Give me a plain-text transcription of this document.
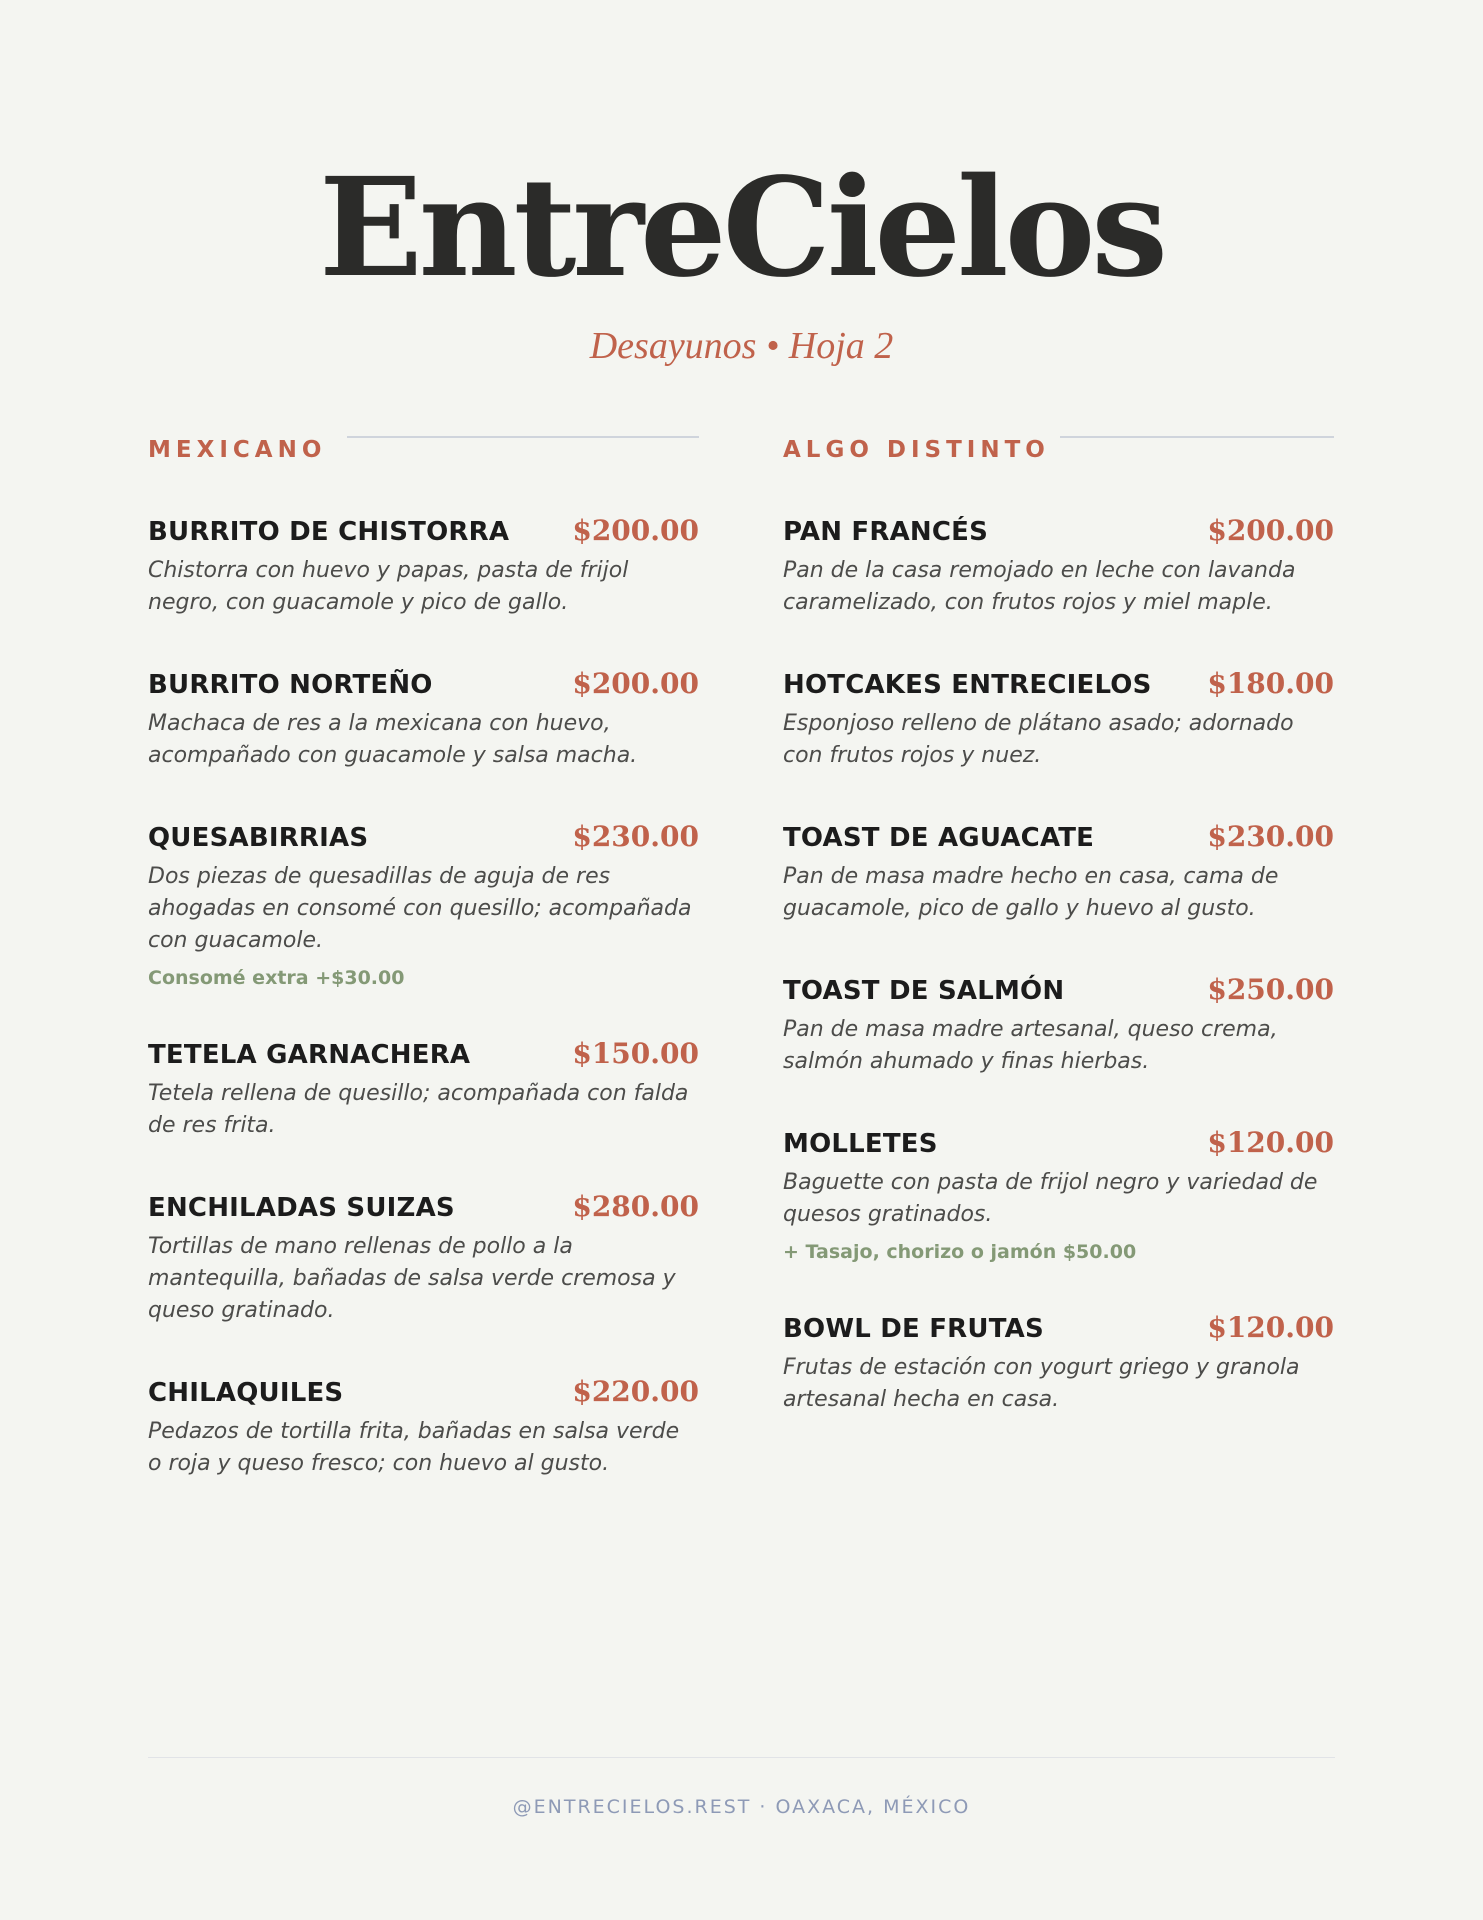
EntreCielos
Desayunos • Hoja 2
MEXICANO
BURRITO DE CHISTORRA $200.00
Chistorra con huevo y papas, pasta de frijol negro, con guacamole y pico de gallo.
BURRITO NORTEÑO	$200.00
Machaca de res a la mexicana con huevo, acompañado con guacamole y salsa macha.
QUESABIRRIAS	$230.00
Dos piezas de quesadillas de aguja de res ahogadas en consomé con quesillo; acompañada con guacamole.
Consomé extra +$30.00
TETELA GARNACHERA	$150.00
Tetela rellena de quesillo; acompañada con falda de res frita.
ENCHILADAS SUIZAS	$280.00
Tortillas de mano rellenas de pollo a la mantequilla, bañadas de salsa verde cremosa y queso gratinado.
CHILAQUILES	$220.00
Pedazos de tortilla frita, bañadas en salsa verde o roja y queso fresco; con huevo al gusto.
ALGO DISTINTO
PAN FRANCÉS	$200.00
Pan de la casa remojado en leche con lavanda caramelizado, con frutos rojos y miel maple.
HOTCAKES ENTRECIELOS $180.00
Esponjoso relleno de plátano asado; adornado con frutos rojos y nuez.
TOAST DE AGUACATE	$230.00
Pan de masa madre hecho en casa, cama de guacamole, pico de gallo y huevo al gusto.
TOAST DE SALMÓN	$250.00
Pan de masa madre artesanal, queso crema, salmón ahumado y finas hierbas.
MOLLETES	$120.00
Baguette con pasta de frijol negro y variedad de quesos gratinados.
+ Tasajo, chorizo o jamón $50.00
BOWL DE FRUTAS	$120.00
Frutas de estación con yogurt griego y granola artesanal hecha en casa.
@ENTRECIELOS.REST · OAXACA, MÉXICO
